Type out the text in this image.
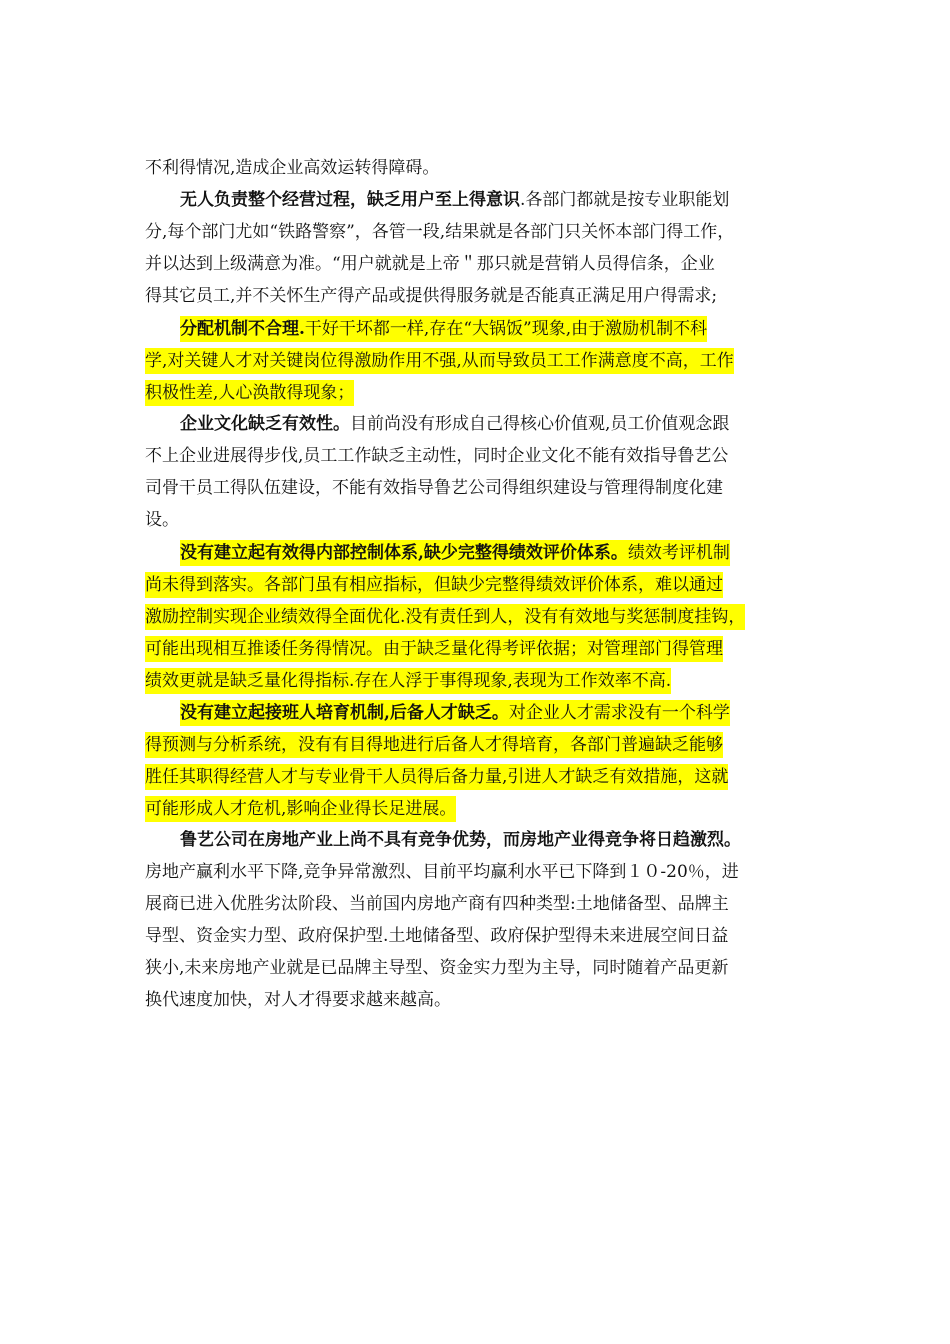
不利得情况,造成企业高效运转得障碍。
无人负责整个经营过程，缺乏用户至上得意识.各部门都就是按专业职能划
分,每个部门尤如“铁路警察”，各管一段,结果就是各部门只关怀本部门得工作，
并以达到上级满意为准。“用户就就是上帝＂那只就是营销人员得信条，企业
得其它员工,并不关怀生产得产品或提供得服务就是否能真正满足用户得需求;
分配机制不合理.干好干坏都一样,存在“大锅饭”现象,由于激励机制不科
学,对关键人才对关键岗位得激励作用不强,从而导致员工工作满意度不高，工作
积极性差,人心涣散得现象；
企业文化缺乏有效性。目前尚没有形成自己得核心价值观,员工价值观念跟
不上企业进展得步伐,员工工作缺乏主动性，同时企业文化不能有效指导鲁艺公
司骨干员工得队伍建设，不能有效指导鲁艺公司得组织建设与管理得制度化建
设。
没有建立起有效得内部控制体系,缺少完整得绩效评价体系。绩效考评机制
尚未得到落实。各部门虽有相应指标，但缺少完整得绩效评价体系，难以通过
激励控制实现企业绩效得全面优化.没有责任到人，没有有效地与奖惩制度挂钩，
可能出现相互推诿任务得情况。由于缺乏量化得考评依据；对管理部门得管理
绩效更就是缺乏量化得指标.存在人浮于事得现象,表现为工作效率不高.
没有建立起接班人培育机制,后备人才缺乏。对企业人才需求没有一个科学
得预测与分析系统，没有有目得地进行后备人才得培育，各部门普遍缺乏能够
胜任其职得经营人才与专业骨干人员得后备力量,引进人才缺乏有效措施，这就
可能形成人才危机,影响企业得长足进展。
鲁艺公司在房地产业上尚不具有竞争优势，而房地产业得竞争将日趋激烈。
房地产赢利水平下降,竞争异常激烈、目前平均赢利水平已下降到１０-20％，进
展商已进入优胜劣汰阶段、当前国内房地产商有四种类型:土地储备型、品牌主
导型、资金实力型、政府保护型.土地储备型、政府保护型得未来进展空间日益
狭小,未来房地产业就是已品牌主导型、资金实力型为主导，同时随着产品更新
换代速度加快，对人才得要求越来越高。
